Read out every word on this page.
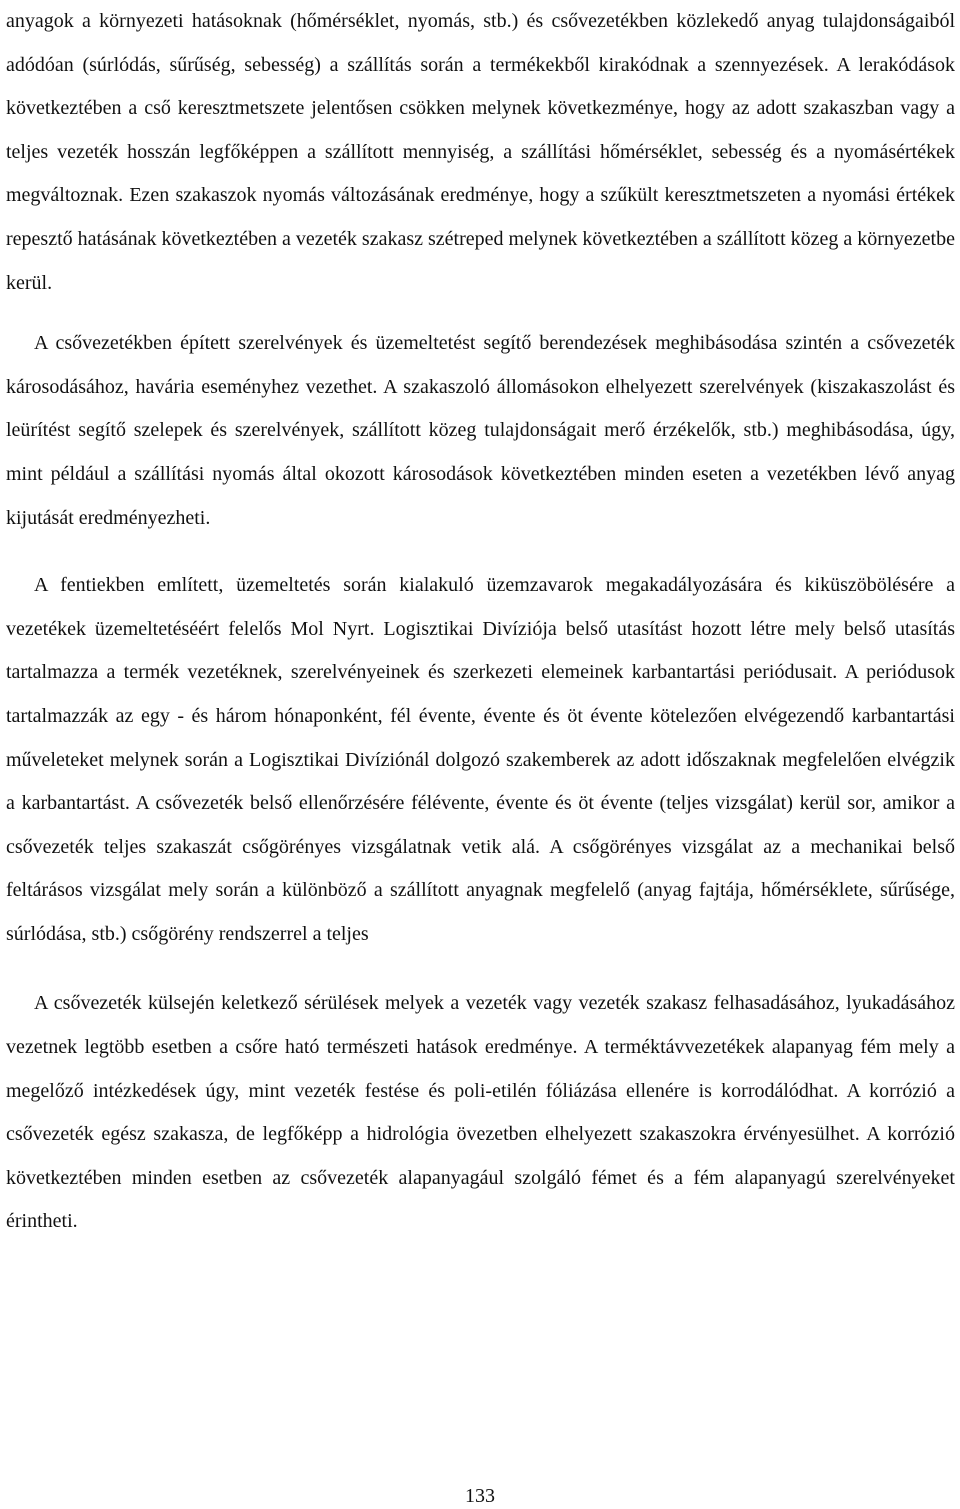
anyagok a környezeti hatásoknak (hőmérséklet, nyomás, stb.) és csővezetékben közlekedő anyag tulajdonságaiból adódóan (súrlódás, sűrűség, sebesség) a szállítás során a termékekből kirakódnak a szennyezések. A lerakódások következtében a cső keresztmetszete jelentősen csökken melynek következménye, hogy az adott szakaszban vagy a teljes vezeték hosszán legfőképpen a szállított mennyiség, a szállítási hőmérséklet, sebesség és a nyomásértékek megváltoznak. Ezen szakaszok nyomás változásának eredménye, hogy a szűkült keresztmetszeten a nyomási értékek repesztő hatásának következtében a vezeték szakasz szétreped melynek következtében a szállított közeg a környezetbe kerül.

A csővezetékben épített szerelvények és üzemeltetést segítő berendezések meghibásodása szintén a csővezeték károsodásához, havária eseményhez vezethet. A szakaszoló állomásokon elhelyezett szerelvények (kiszakaszolást és leürítést segítő szelepek és szerelvények, szállított közeg tulajdonságait merő érzékelők, stb.) meghibásodása, úgy, mint például a szállítási nyomás által okozott károsodások következtében minden eseten a vezetékben lévő anyag kijutását eredményezheti.

A fentiekben említett, üzemeltetés során kialakuló üzemzavarok megakadályozására és kiküszöbölésére a vezetékek üzemeltetéséért felelős Mol Nyrt. Logisztikai Divíziója belső utasítást hozott létre mely belső utasítás tartalmazza a termék vezetéknek, szerelvényeinek és szerkezeti elemeinek karbantartási periódusait. A periódusok tartalmazzák az egy - és három hónaponként, fél évente, évente és öt évente kötelezően elvégezendő karbantartási műveleteket melynek során a Logisztikai Divíziónál dolgozó szakemberek az adott időszaknak megfelelően elvégzik a karbantartást. A csővezeték belső ellenőrzésére félévente, évente és öt évente (teljes vizsgálat) kerül sor, amikor a csővezeték teljes szakaszát csőgörényes vizsgálatnak vetik alá. A csőgörényes vizsgálat az a mechanikai belső feltárásos vizsgálat mely során a különböző a szállított anyagnak megfelelő (anyag fajtája, hőmérséklete, sűrűsége, súrlódása, stb.) csőgörény rendszerrel a teljes

A csővezeték külsején keletkező sérülések melyek a vezeték vagy vezeték szakasz felhasadásához, lyukadásához vezetnek legtöbb esetben a csőre ható természeti hatások eredménye. A terméktávvezetékek alapanyag fém mely a megelőző intézkedések úgy, mint vezeték festése és poli-etilén fóliázása ellenére is korrodálódhat. A korrózió a csővezeték egész szakasza, de legfőképp a hidrológia övezetben elhelyezett szakaszokra érvényesülhet. A korrózió következtében minden esetben az csővezeték alapanyagául szolgáló fémet és a fém alapanyagú szerelvényeket érintheti.

133
